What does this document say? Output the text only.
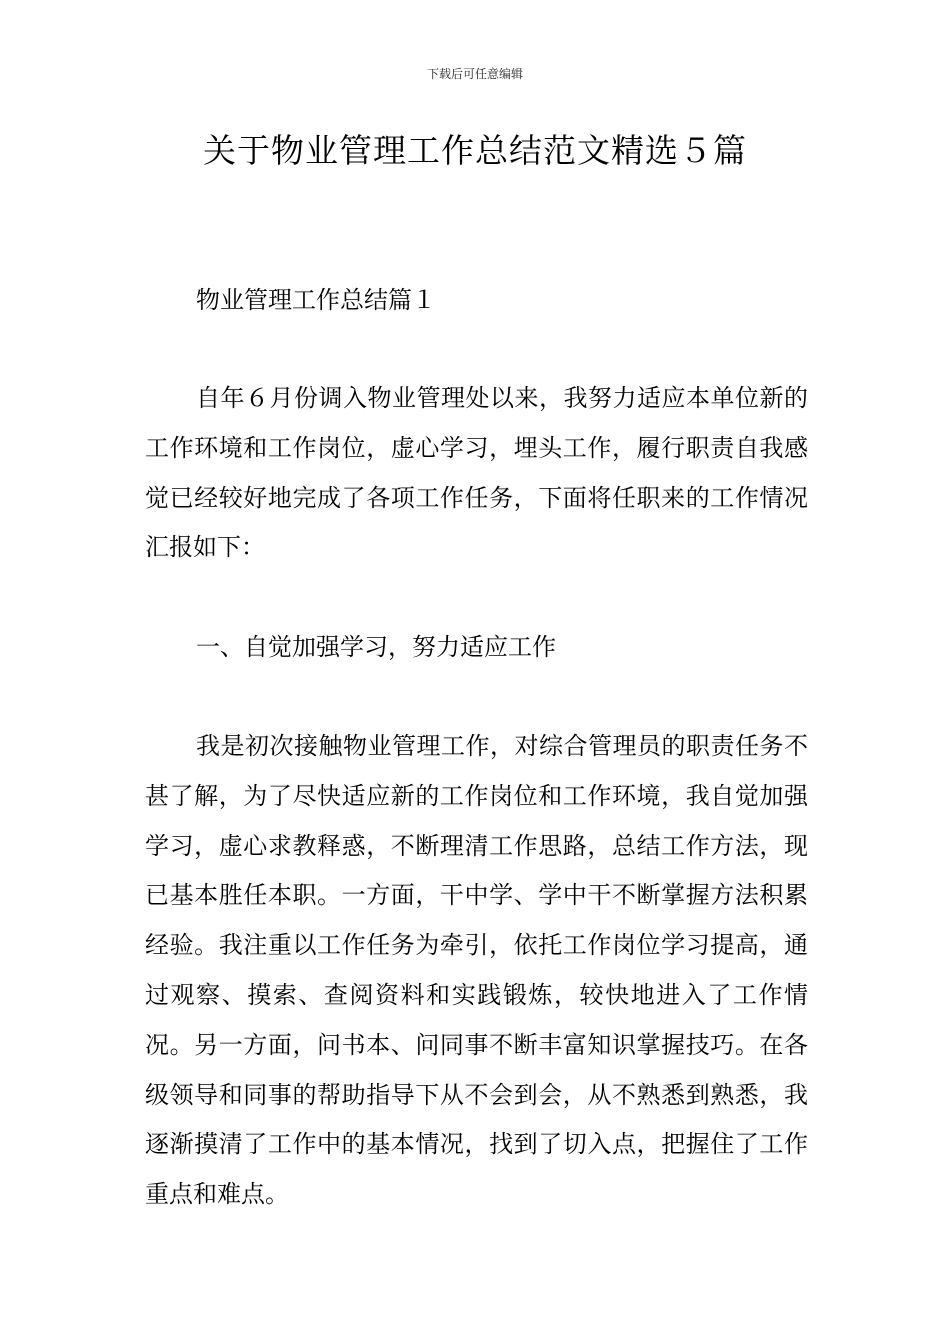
下载后可任意编辑
关于物业管理工作总结范文精选５篇
物业管理工作总结篇１

自年６月份调入物业管理处以来，我努力适应本单位新的工作环境和工作岗位，虚心学习，埋头工作，履行职责自我感觉已经较好地完成了各项工作任务，下面将任职来的工作情况汇报如下：

一、自觉加强学习，努力适应工作

我是初次接触物业管理工作，对综合管理员的职责任务不甚了解，为了尽快适应新的工作岗位和工作环境，我自觉加强学习，虚心求教释惑，不断理清工作思路，总结工作方法，现已基本胜任本职。一方面，干中学、学中干不断掌握方法积累经验。我注重以工作任务为牵引，依托工作岗位学习提高，通过观察、摸索、查阅资料和实践锻炼，较快地进入了工作情况。另一方面，问书本、问同事不断丰富知识掌握技巧。在各级领导和同事的帮助指导下从不会到会，从不熟悉到熟悉，我逐渐摸清了工作中的基本情况，找到了切入点，把握住了工作重点和难点。
